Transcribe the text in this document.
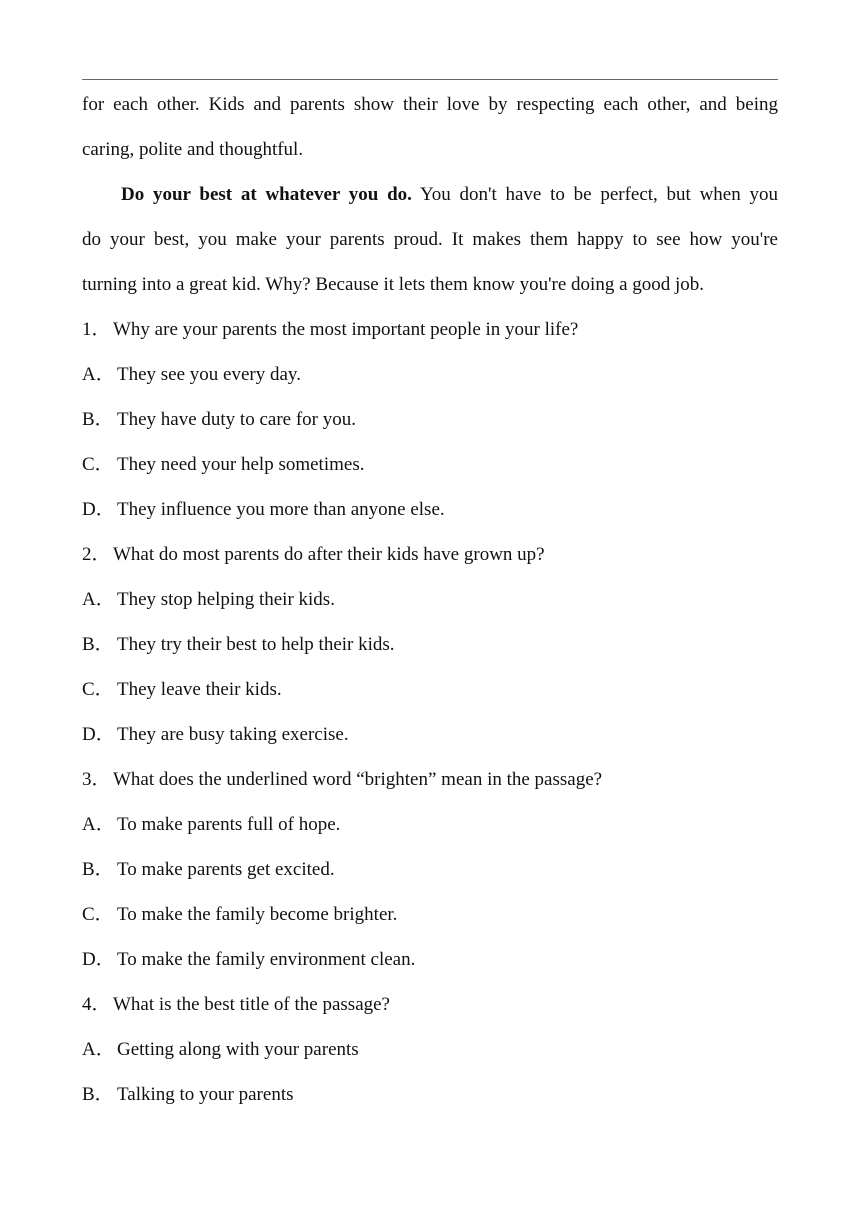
for each other. Kids and parents show their love by respecting each other, and being
caring, polite and thoughtful.
Do your best at whatever you do. You don't have to be perfect, but when you
do your best, you make your parents proud. It makes them happy to see how you're
turning into a great kid. Why? Because it lets them know you're doing a good job.
1． Why are your parents the most important people in your life?
A． They see you every day.
B． They have duty to care for you.
C． They need your help sometimes.
D． They influence you more than anyone else.
2． What do most parents do after their kids have grown up?
A． They stop helping their kids.
B． They try their best to help their kids.
C． They leave their kids.
D． They are busy taking exercise.
3． What does the underlined word “brighten” mean in the passage?
A． To make parents full of hope.
B． To make parents get excited.
C． To make the family become brighter.
D． To make the family environment clean.
4． What is the best title of the passage?
A． Getting along with your parents
B． Talking to your parents
